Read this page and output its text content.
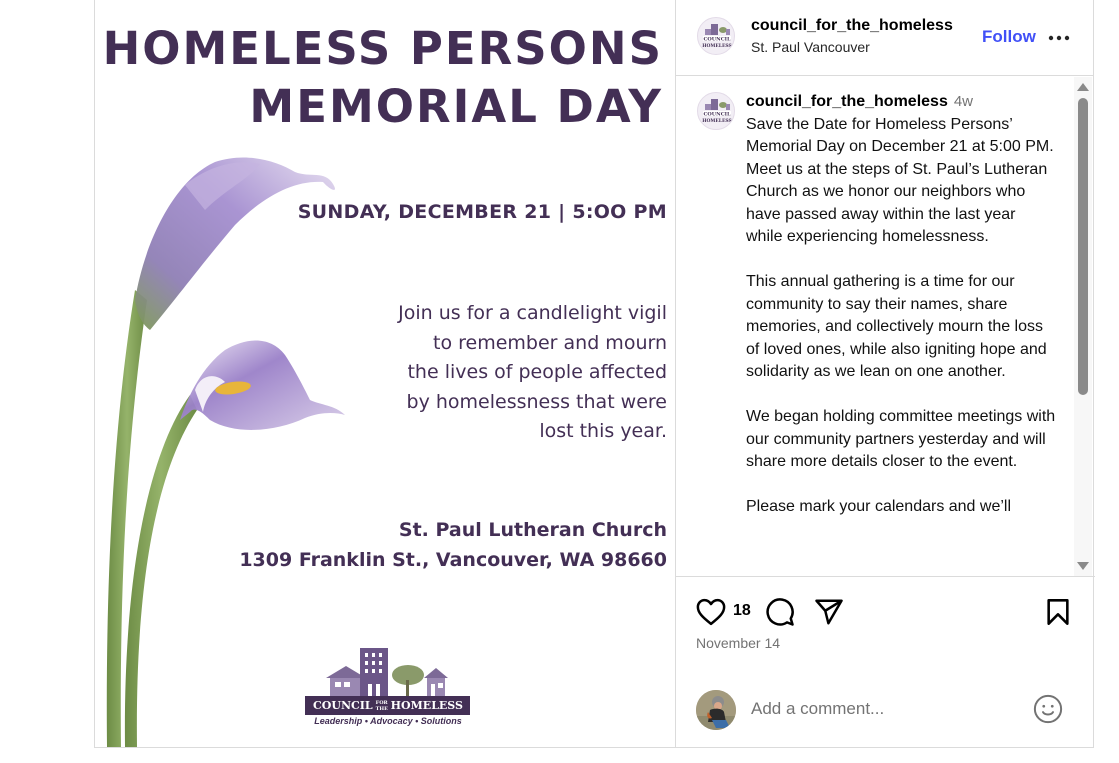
HOMELESS PERSONS
MEMORIAL DAY
SUNDAY, DECEMBER 21 | 5:OO PM
Join us for a candlelight vigil
to remember and mourn
the lives of people affected
by homelessness that were
lost this year.
St. Paul Lutheran Church
1309 Franklin St., Vancouver, WA 98660
COUNCIL FOR THE HOMELESS
Leadership • Advocacy • Solutions
COUNCIL
HOMELESS
council_for_the_homeless
St. Paul Vancouver
Follow
COUNCIL
HOMELESS
council_for_the_homeless 4w
Save the Date for Homeless Persons’ Memorial Day on December 21 at 5:00 PM. Meet us at the steps of St. Paul’s Lutheran Church as we honor our neighbors who have passed away within the last year while experiencing homelessness.
This annual gathering is a time for our community to say their names, share memories, and collectively mourn the loss of loved ones, while also igniting hope and solidarity as we lean on one another.
We began holding committee meetings with our community partners yesterday and will share more details closer to the event.
Please mark your calendars and we’ll
18
November 14
Add a comment...
